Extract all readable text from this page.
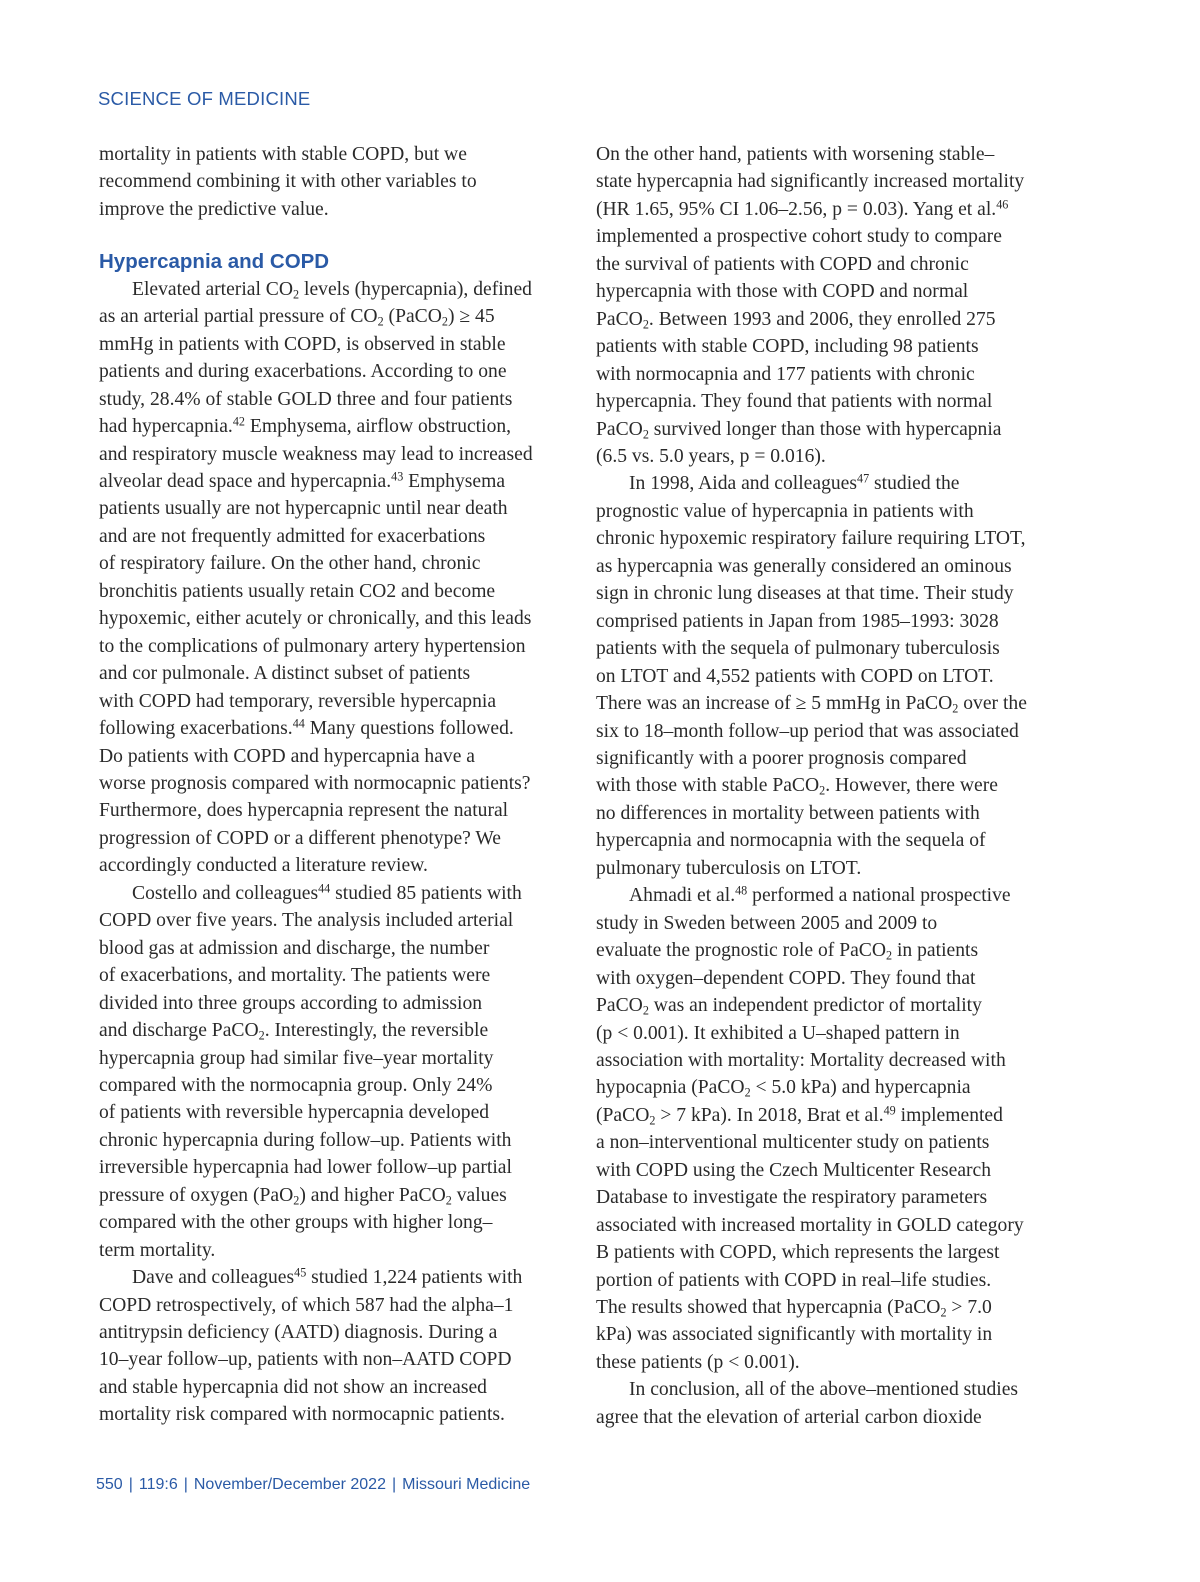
SCIENCE OF MEDICINE

mortality in patients with stable COPD, but we

recommend combining it with other variables to

improve the predictive value.

Hypercapnia and COPD

Elevated arterial $CO_2$ levels (hypercapnia), defined

as an arterial partial pressure of $CO_2$ (PaCO$_2$) ≥ 45

mmHg in patients with COPD, is observed in stable

patients and during exacerbations. According to one

study, 28.4% of stable GOLD three and four patients

had hypercapnia.$^{42}$ Emphysema, airflow obstruction,

and respiratory muscle weakness may lead to increased

alveolar dead space and hypercapnia.$^{43}$ Emphysema

patients usually are not hypercapnic until near death

and are not frequently admitted for exacerbations

of respiratory failure. On the other hand, chronic

bronchitis patients usually retain CO2 and become

hypoxemic, either acutely or chronically, and this leads

to the complications of pulmonary artery hypertension

and cor pulmonale. A distinct subset of patients

with COPD had temporary, reversible hypercapnia

following exacerbations.$^{44}$ Many questions followed.

Do patients with COPD and hypercapnia have a

worse prognosis compared with normocapnic patients?

Furthermore, does hypercapnia represent the natural

progression of COPD or a different phenotype? We

accordingly conducted a literature review.

Costello and colleagues$^{44}$ studied 85 patients with

COPD over five years. The analysis included arterial

blood gas at admission and discharge, the number

of exacerbations, and mortality. The patients were

divided into three groups according to admission

and discharge PaCO$_2$. Interestingly, the reversible

hypercapnia group had similar five–year mortality

compared with the normocapnia group. Only 24%

of patients with reversible hypercapnia developed

chronic hypercapnia during follow–up. Patients with

irreversible hypercapnia had lower follow–up partial

pressure of oxygen (PaO$_2$) and higher PaCO$_2$ values

compared with the other groups with higher long–

term mortality.

Dave and colleagues$^{45}$ studied 1,224 patients with

COPD retrospectively, of which 587 had the alpha–1

antitrypsin deficiency (AATD) diagnosis. During a

10–year follow–up, patients with non–AATD COPD

and stable hypercapnia did not show an increased

mortality risk compared with normocapnic patients.

On the other hand, patients with worsening stable–

state hypercapnia had significantly increased mortality

(HR 1.65, 95% CI 1.06–2.56, p = 0.03). Yang et al.$^{46}$

implemented a prospective cohort study to compare

the survival of patients with COPD and chronic

hypercapnia with those with COPD and normal

PaCO$_2$. Between 1993 and 2006, they enrolled 275

patients with stable COPD, including 98 patients

with normocapnia and 177 patients with chronic

hypercapnia. They found that patients with normal

PaCO$_2$ survived longer than those with hypercapnia

(6.5 vs. 5.0 years, p = 0.016).

In 1998, Aida and colleagues$^{47}$ studied the

prognostic value of hypercapnia in patients with

chronic hypoxemic respiratory failure requiring LTOT,

as hypercapnia was generally considered an ominous

sign in chronic lung diseases at that time. Their study

comprised patients in Japan from 1985–1993: 3028

patients with the sequela of pulmonary tuberculosis

on LTOT and 4,552 patients with COPD on LTOT.

There was an increase of ≥ 5 mmHg in PaCO$_2$ over the

six to 18–month follow–up period that was associated

significantly with a poorer prognosis compared

with those with stable PaCO$_2$. However, there were

no differences in mortality between patients with

hypercapnia and normocapnia with the sequela of

pulmonary tuberculosis on LTOT.

Ahmadi et al.$^{48}$ performed a national prospective

study in Sweden between 2005 and 2009 to

evaluate the prognostic role of PaCO$_2$ in patients

with oxygen–dependent COPD. They found that

PaCO$_2$ was an independent predictor of mortality

(p < 0.001). It exhibited a U–shaped pattern in

association with mortality: Mortality decreased with

hypocapnia (PaCO$_2$ < 5.0 kPa) and hypercapnia

(PaCO$_2$ > 7 kPa). In 2018, Brat et al.$^{49}$ implemented

a non–interventional multicenter study on patients

with COPD using the Czech Multicenter Research

Database to investigate the respiratory parameters

associated with increased mortality in GOLD category

B patients with COPD, which represents the largest

portion of patients with COPD in real–life studies.

The results showed that hypercapnia (PaCO$_2$ > 7.0

kPa) was associated significantly with mortality in

these patients (p < 0.001).

In conclusion, all of the above–mentioned studies

agree that the elevation of arterial carbon dioxide

550 | 119:6 | November/December 2022 | Missouri Medicine
